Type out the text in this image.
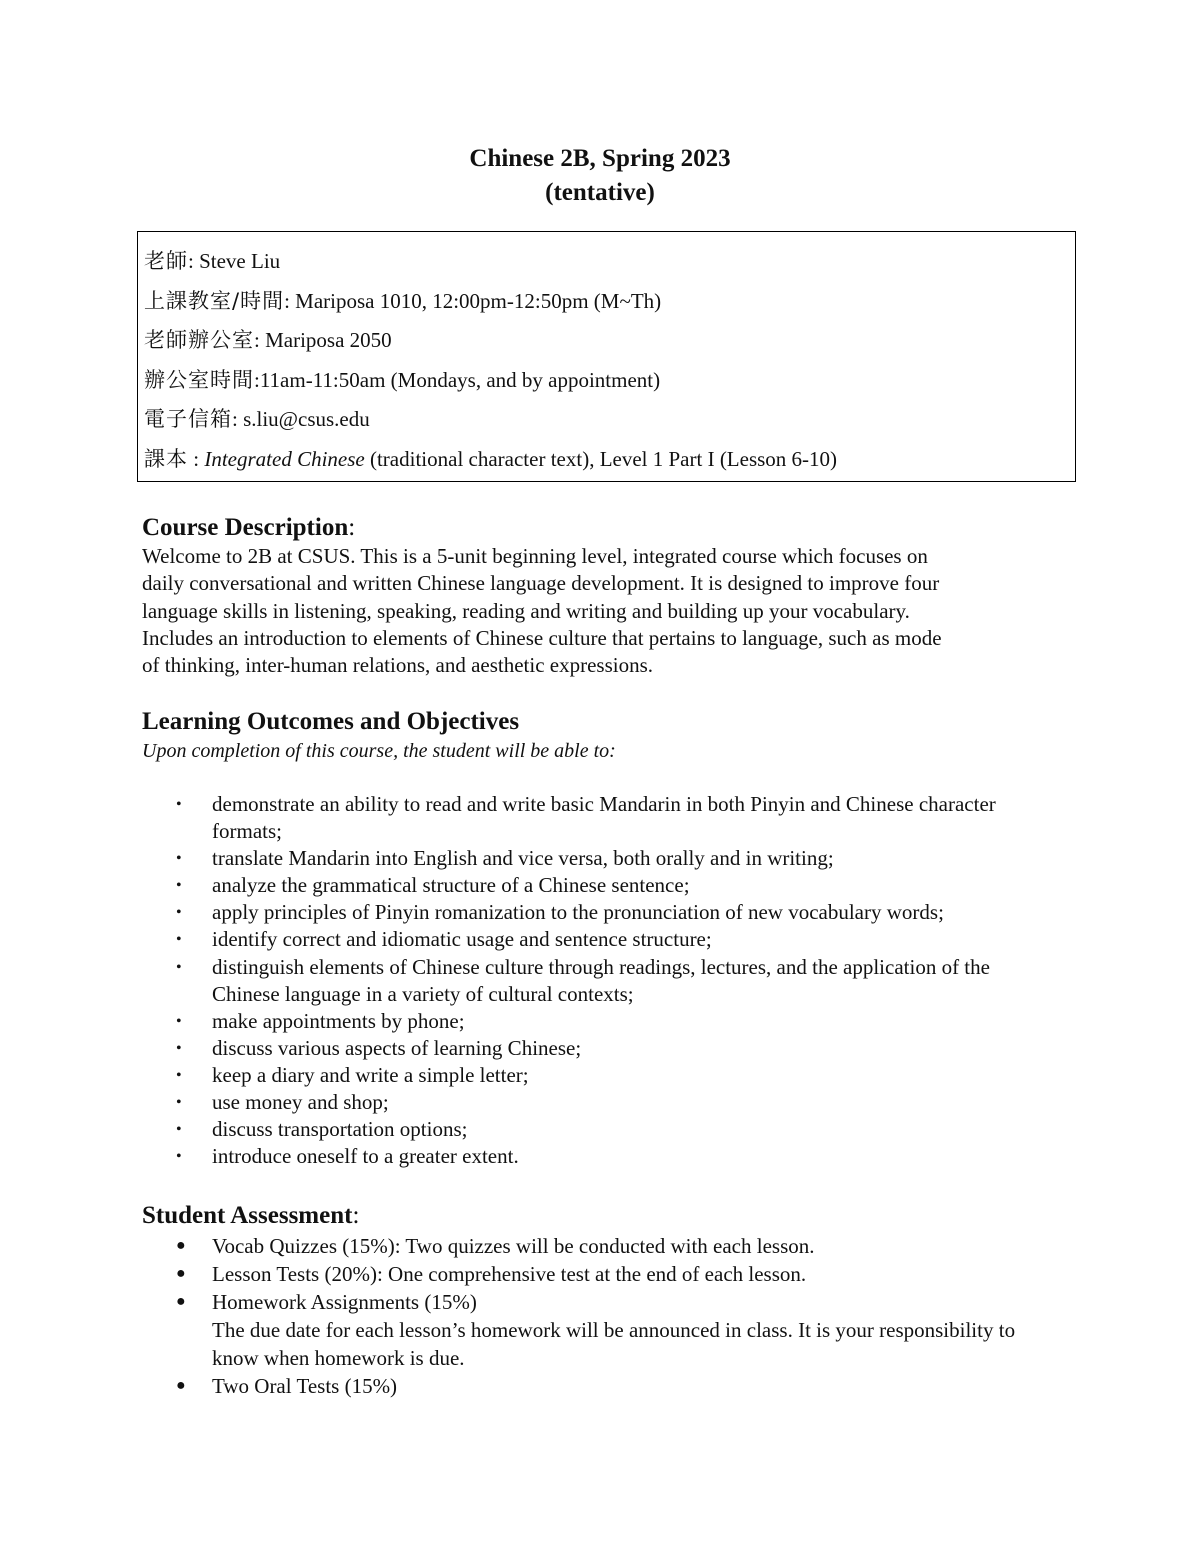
Chinese 2B, Spring 2023
(tentative)
老師: Steve Liu
上課教室/時間: Mariposa 1010, 12:00pm-12:50pm (M~Th)
老師辦公室: Mariposa 2050
辦公室時間:11am-11:50am (Mondays, and by appointment)
電子信箱: s.liu@csus.edu
課本 : Integrated Chinese (traditional character text), Level 1 Part I (Lesson 6-10)
Course Description:
Welcome to 2B at CSUS. This is a 5-unit beginning level, integrated course which focuses on
daily conversational and written Chinese language development. It is designed to improve four
language skills in listening, speaking, reading and writing and building up your vocabulary.
Includes an introduction to elements of Chinese culture that pertains to language, such as mode
of thinking, inter-human relations, and aesthetic expressions.
Learning Outcomes and Objectives
Upon completion of this course, the student will be able to:
• demonstrate an ability to read and write basic Mandarin in both Pinyin and Chinese character formats;
• translate Mandarin into English and vice versa, both orally and in writing;
• analyze the grammatical structure of a Chinese sentence;
• apply principles of Pinyin romanization to the pronunciation of new vocabulary words;
• identify correct and idiomatic usage and sentence structure;
• distinguish elements of Chinese culture through readings, lectures, and the application of the Chinese language in a variety of cultural contexts;
• make appointments by phone;
• discuss various aspects of learning Chinese;
• keep a diary and write a simple letter;
• use money and shop;
• discuss transportation options;
• introduce oneself to a greater extent.
Student Assessment:
● Vocab Quizzes (15%): Two quizzes will be conducted with each lesson.
● Lesson Tests (20%): One comprehensive test at the end of each lesson.
● Homework Assignments (15%)
The due date for each lesson’s homework will be announced in class. It is your responsibility to know when homework is due.
● Two Oral Tests (15%)
